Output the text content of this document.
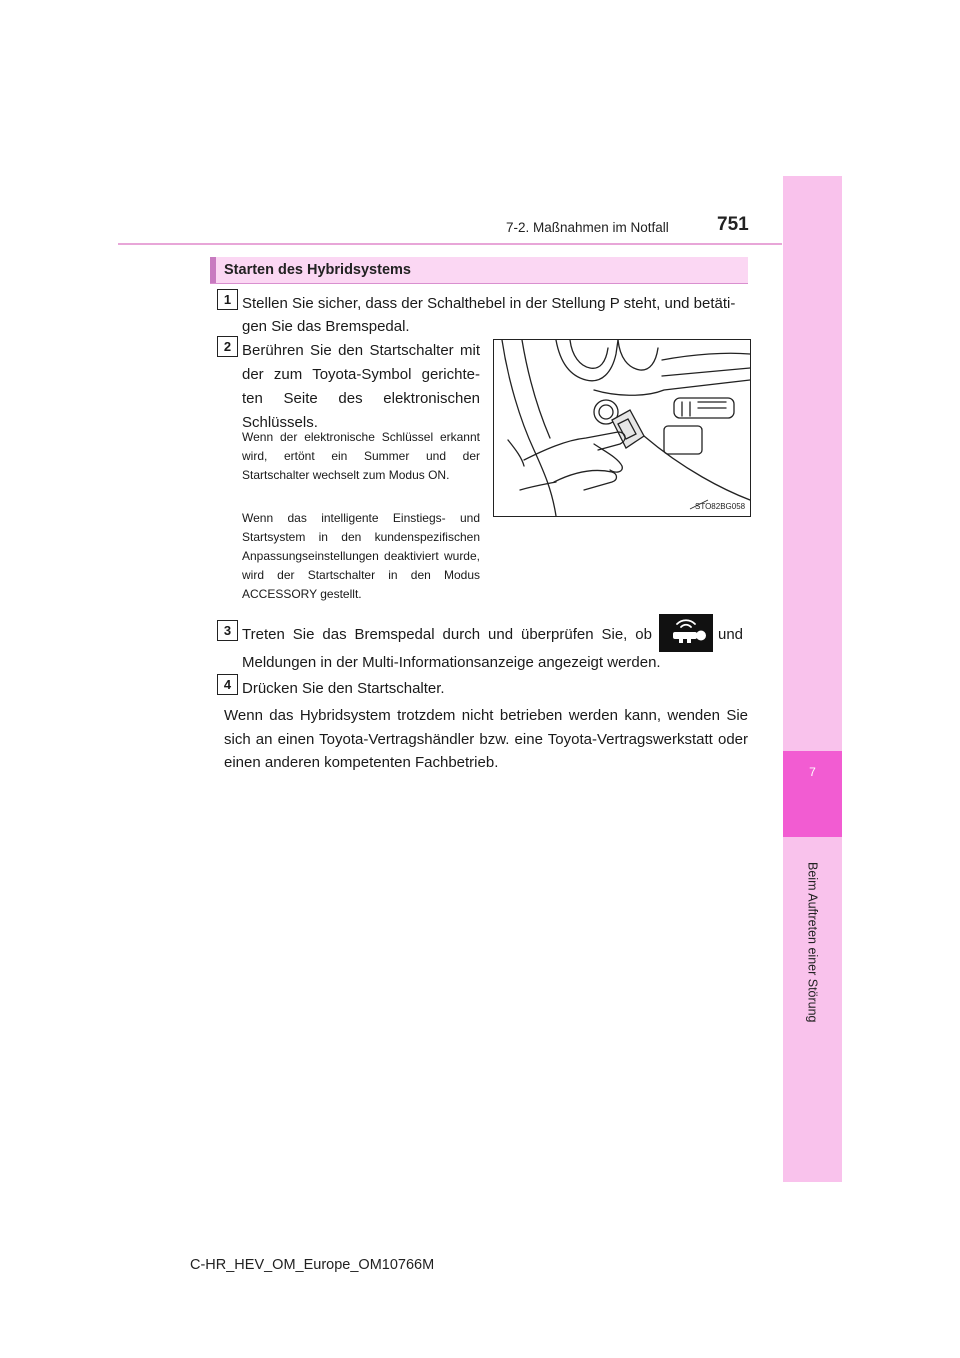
7-2. Maßnahmen im Notfall	751
7
Beim Auftreten einer Störung
Starten des Hybridsystems
1 Stellen Sie sicher, dass der Schalthebel in der Stellung P steht, und betäti-
gen Sie das Bremspedal.
2 Berühren Sie den Startschalter mit der zum Toyota-Symbol gerichte-ten Seite des elektronischen Schlüssels.
Wenn der elektronische Schlüssel erkannt wird, ertönt ein Summer und der Startschalter wechselt zum Modus ON.
Wenn das intelligente Einstiegs- und Startsystem in den kundenspezifischen Anpassungseinstellungen deaktiviert wurde, wird der Startschalter in den Modus ACCESSORY gestellt.
STO82BG058
3 Treten Sie das Bremspedal durch und überprüfen Sie, ob	und
Meldungen in der Multi-Informationsanzeige angezeigt werden.
4 Drücken Sie den Startschalter.
Wenn das Hybridsystem trotzdem nicht betrieben werden kann, wenden Sie sich an einen Toyota-Vertragshändler bzw. eine Toyota-Vertragswerkstatt oder einen anderen kompetenten Fachbetrieb.
C-HR_HEV_OM_Europe_OM10766M
